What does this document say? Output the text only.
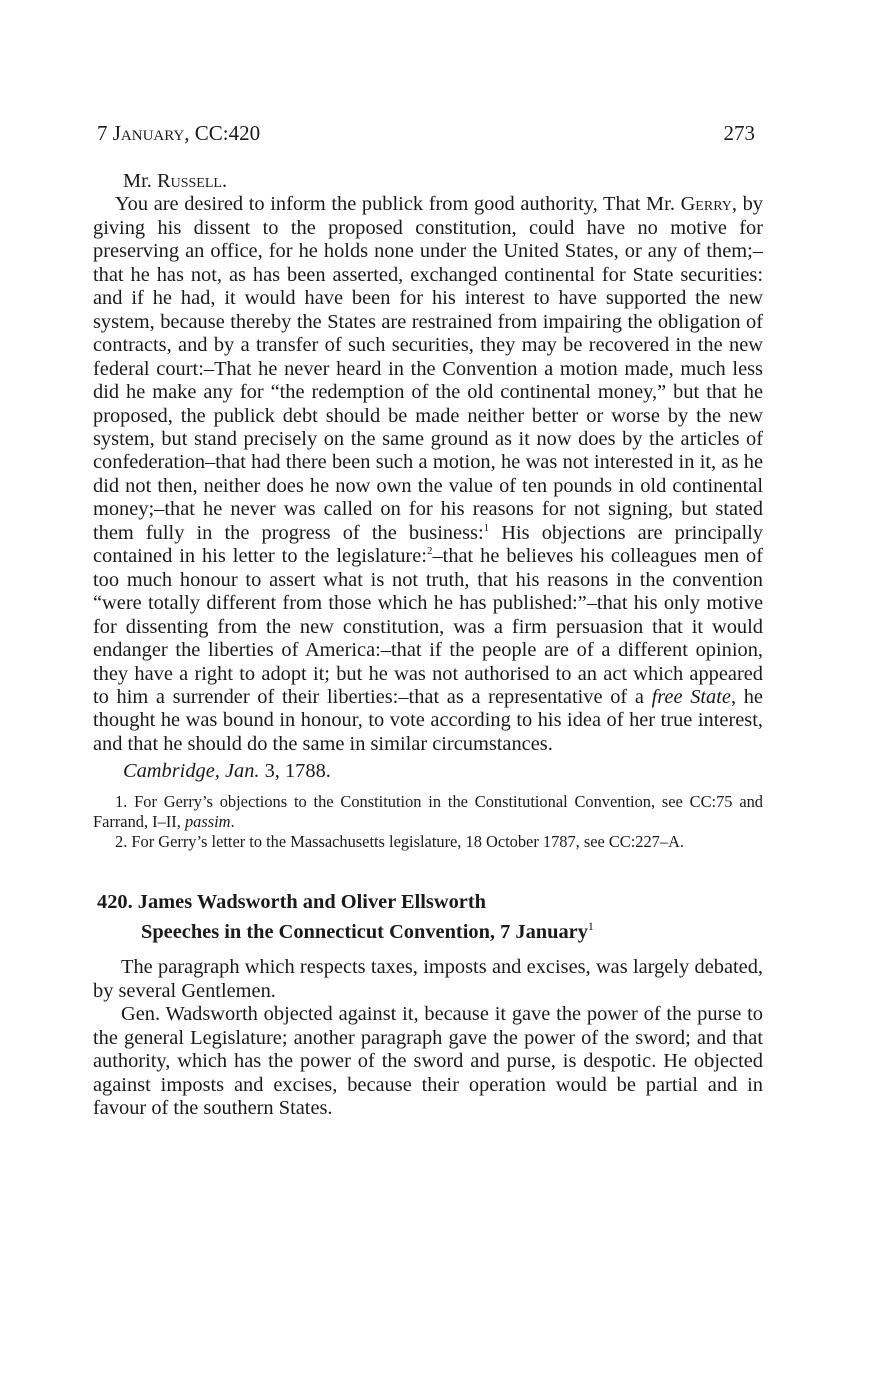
7 January, CC:420	273

Mr. Russell.

You are desired to inform the publick from good authority, That Mr. Gerry, by giving his dissent to the proposed constitution, could have no motive for preserving an office, for he holds none under the United States, or any of them;–that he has not, as has been asserted, exchanged continental for State securities: and if he had, it would have been for his interest to have supported the new system, because thereby the States are restrained from impairing the obligation of contracts, and by a transfer of such securities, they may be recovered in the new federal court:–That he never heard in the Convention a motion made, much less did he make any for “the redemption of the old continental money,” but that he proposed, the publick debt should be made neither better or worse by the new system, but stand precisely on the same ground as it now does by the articles of confederation–that had there been such a motion, he was not interested in it, as he did not then, neither does he now own the value of ten pounds in old continental money;–that he never was called on for his reasons for not signing, but stated them fully in the progress of the business:$^1$ His objections are principally contained in his letter to the legislature:$^2$–that he believes his colleagues men of too much honour to assert what is not truth, that his reasons in the convention “were totally different from those which he has published:”–that his only motive for dissenting from the new constitution, was a firm persuasion that it would endanger the liberties of America:–that if the people are of a different opinion, they have a right to adopt it; but he was not authorised to an act which appeared to him a surrender of their liberties:–that as a representative of a free State, he thought he was bound in honour, to vote according to his idea of her true interest, and that he should do the same in similar circumstances.

Cambridge, Jan. 3, 1788.

1. For Gerry’s objections to the Constitution in the Constitutional Convention, see CC:75 and Farrand, I–II, passim.

2. For Gerry’s letter to the Massachusetts legislature, 18 October 1787, see CC:227–A.

420. James Wadsworth and Oliver Ellsworth
Speeches in the Connecticut Convention, 7 January$^1$

The paragraph which respects taxes, imposts and excises, was largely debated, by several Gentlemen.

Gen. Wadsworth objected against it, because it gave the power of the purse to the general Legislature; another paragraph gave the power of the sword; and that authority, which has the power of the sword and purse, is despotic. He objected against imposts and excises, because their operation would be partial and in favour of the southern States.
